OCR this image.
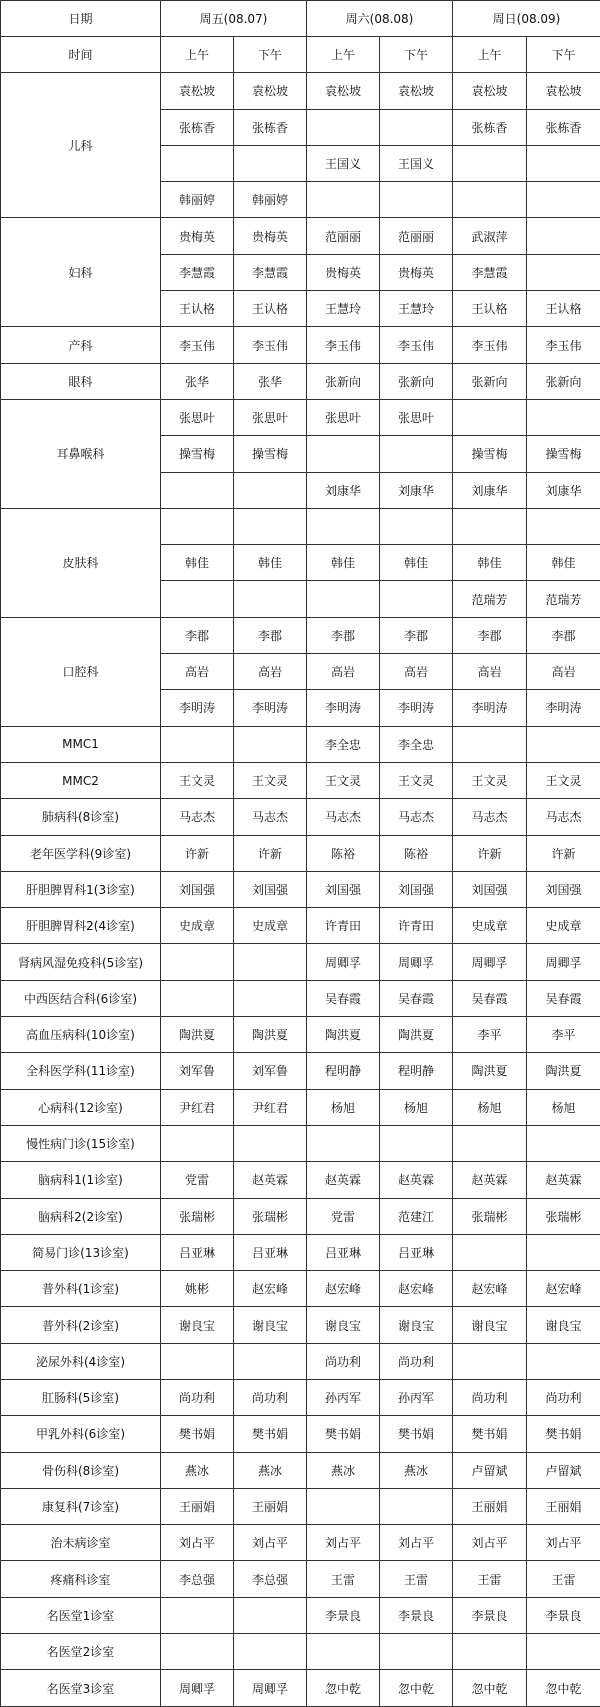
日期	周五(08.07)		周六(08.08)		周日(08.09)	
时间	上午	下午	上午	下午	上午	下午
儿科	袁松坡	袁松坡	袁松坡	袁松坡	袁松坡	袁松坡
	张栋香	张栋香			张栋香	张栋香
			王国义	王国义		
	韩丽婷	韩丽婷				
妇科	贵梅英	贵梅英	范丽丽	范丽丽	武淑萍	
	李慧霞	李慧霞	贵梅英	贵梅英	李慧霞	
	王认格	王认格	王慧玲	王慧玲	王认格	王认格
产科	李玉伟	李玉伟	李玉伟	李玉伟	李玉伟	李玉伟
眼科	张华	张华	张新向	张新向	张新向	张新向
耳鼻喉科	张思叶	张思叶	张思叶	张思叶		
	操雪梅	操雪梅			操雪梅	操雪梅
			刘康华	刘康华	刘康华	刘康华
皮肤科						
	韩佳	韩佳	韩佳	韩佳	韩佳	韩佳
					范瑞芳	范瑞芳
口腔科	李郡	李郡	李郡	李郡	李郡	李郡
	高岩	高岩	高岩	高岩	高岩	高岩
	李明涛	李明涛	李明涛	李明涛	李明涛	李明涛
MMC1			李全忠	李全忠		
MMC2	王文灵	王文灵	王文灵	王文灵	王文灵	王文灵
肺病科(8诊室)	马志杰	马志杰	马志杰	马志杰	马志杰	马志杰
老年医学科(9诊室)	许新	许新	陈裕	陈裕	许新	许新
肝胆脾胃科1(3诊室)	刘国强	刘国强	刘国强	刘国强	刘国强	刘国强
肝胆脾胃科2(4诊室)	史成章	史成章	许青田	许青田	史成章	史成章
肾病风湿免疫科(5诊室)			周卿孚	周卿孚	周卿孚	周卿孚
中西医结合科(6诊室)			吴春霞	吴春霞	吴春霞	吴春霞
高血压病科(10诊室)	陶洪夏	陶洪夏	陶洪夏	陶洪夏	李平	李平
全科医学科(11诊室)	刘军鲁	刘军鲁	程明静	程明静	陶洪夏	陶洪夏
心病科(12诊室)	尹红君	尹红君	杨旭	杨旭	杨旭	杨旭
慢性病门诊(15诊室)						
脑病科1(1诊室)	党雷	赵英霖	赵英霖	赵英霖	赵英霖	赵英霖
脑病科2(2诊室)	张瑞彬	张瑞彬	党雷	范建江	张瑞彬	张瑞彬
简易门诊(13诊室)	吕亚琳	吕亚琳	吕亚琳	吕亚琳		
普外科(1诊室)	姚彬	赵宏峰	赵宏峰	赵宏峰	赵宏峰	赵宏峰
普外科(2诊室)	谢良宝	谢良宝	谢良宝	谢良宝	谢良宝	谢良宝
泌尿外科(4诊室)			尚功利	尚功利		
肛肠科(5诊室)	尚功利	尚功利	孙丙军	孙丙军	尚功利	尚功利
甲乳外科(6诊室)	樊书娟	樊书娟	樊书娟	樊书娟	樊书娟	樊书娟
骨伤科(8诊室)	燕冰	燕冰	燕冰	燕冰	卢留斌	卢留斌
康复科(7诊室)	王丽娟	王丽娟			王丽娟	王丽娟
治未病诊室	刘占平	刘占平	刘占平	刘占平	刘占平	刘占平
疼痛科诊室	李总强	李总强	王雷	王雷	王雷	王雷
名医堂1诊室			李景良	李景良	李景良	李景良
名医堂2诊室						
名医堂3诊室	周卿孚	周卿孚	忽中乾	忽中乾	忽中乾	忽中乾
